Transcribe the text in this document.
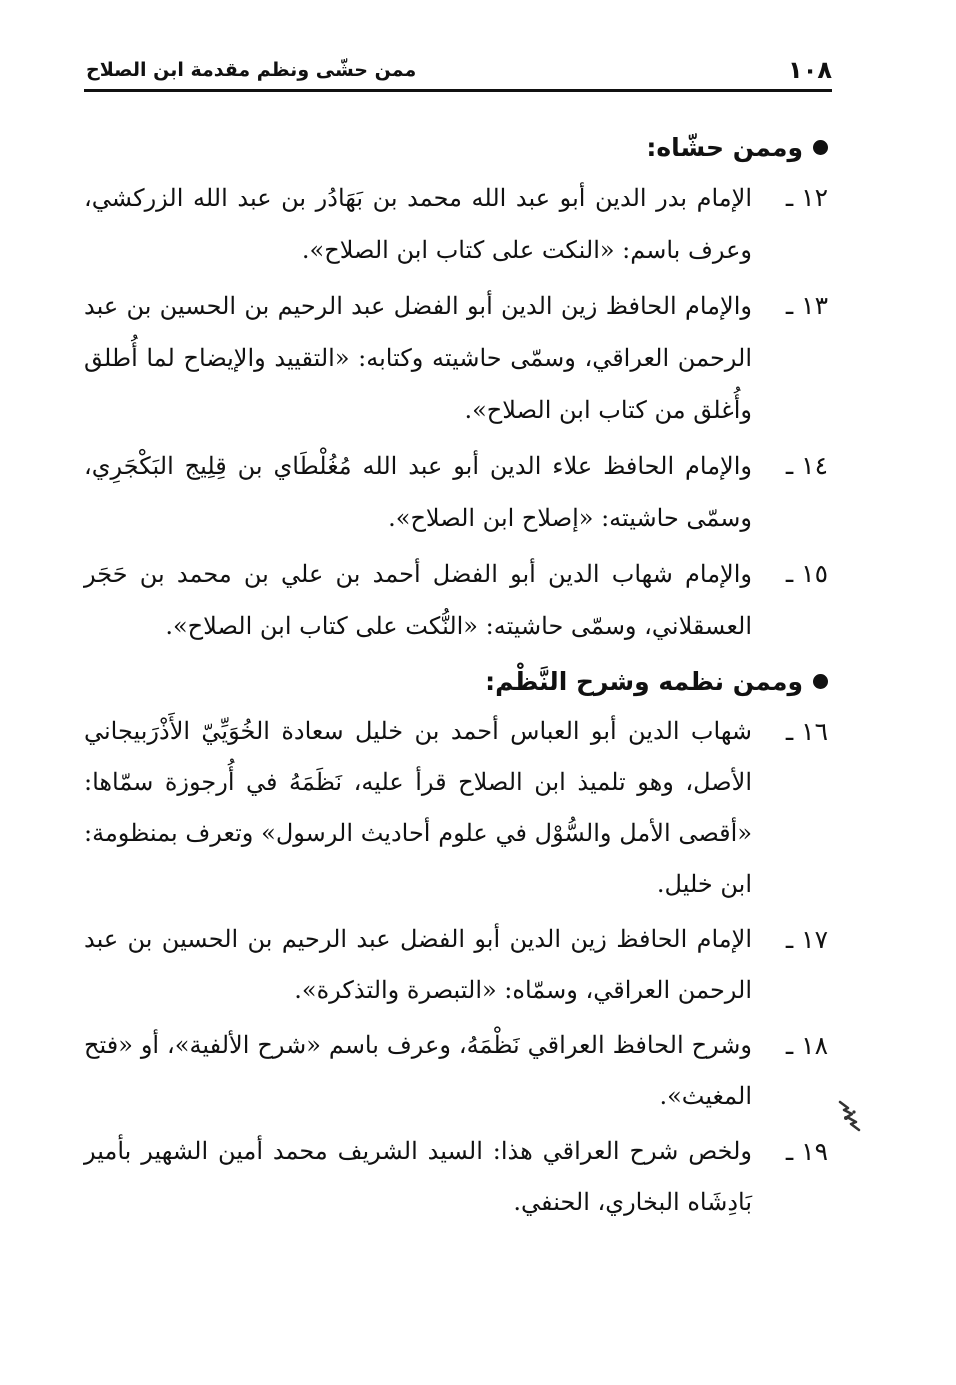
١٠٨
ممن حشّى ونظم مقدمة ابن الصلاح
وممن حشّاه:
١٢ ـ
الإمام بدر الدين أبو عبد الله محمد بن بَهَادُر بن عبد الله الزركشي، وعرف باسم: «النكت على كتاب ابن الصلاح».
١٣ ـ
والإمام الحافظ زين الدين أبو الفضل عبد الرحيم بن الحسين بن عبد الرحمن العراقي، وسمّى حاشيته وكتابه: «التقييد والإيضاح لما أُطلق وأُغلق من كتاب ابن الصلاح».
١٤ ـ
والإمام الحافظ علاء الدين أبو عبد الله مُغُلْطَاي بن قِلِيج البَكْجَرِي، وسمّى حاشيته: «إصلاح ابن الصلاح».
١٥ ـ
والإمام شهاب الدين أبو الفضل أحمد بن علي بن محمد بن حَجَر العسقلاني، وسمّى حاشيته: «النُّكت على كتاب ابن الصلاح».
وممن نظمه وشرح النَّظْم:
١٦ ـ
شهاب الدين أبو العباس أحمد بن خليل سعادة الخُوَيِّيّ الأَذْرَبيجاني الأصل، وهو تلميذ ابن الصلاح قرأ عليه، نَظَمَهُ في أُرجوزة سمّاها: «أقصى الأمل والسُّوْل في علوم أحاديث الرسول» وتعرف بمنظومة: ابن خليل.
١٧ ـ
الإمام الحافظ زين الدين أبو الفضل عبد الرحيم بن الحسين بن عبد الرحمن العراقي، وسمّاه: «التبصرة والتذكرة».
١٨ ـ
وشرح الحافظ العراقي نَظْمَهُ، وعرف باسم «شرح الألفية»، أو «فتح المغيث».
١٩ ـ
ولخص شرح العراقي هذا: السيد الشريف محمد أمين الشهير بأمير بَادِشَاه البخاري، الحنفي.
